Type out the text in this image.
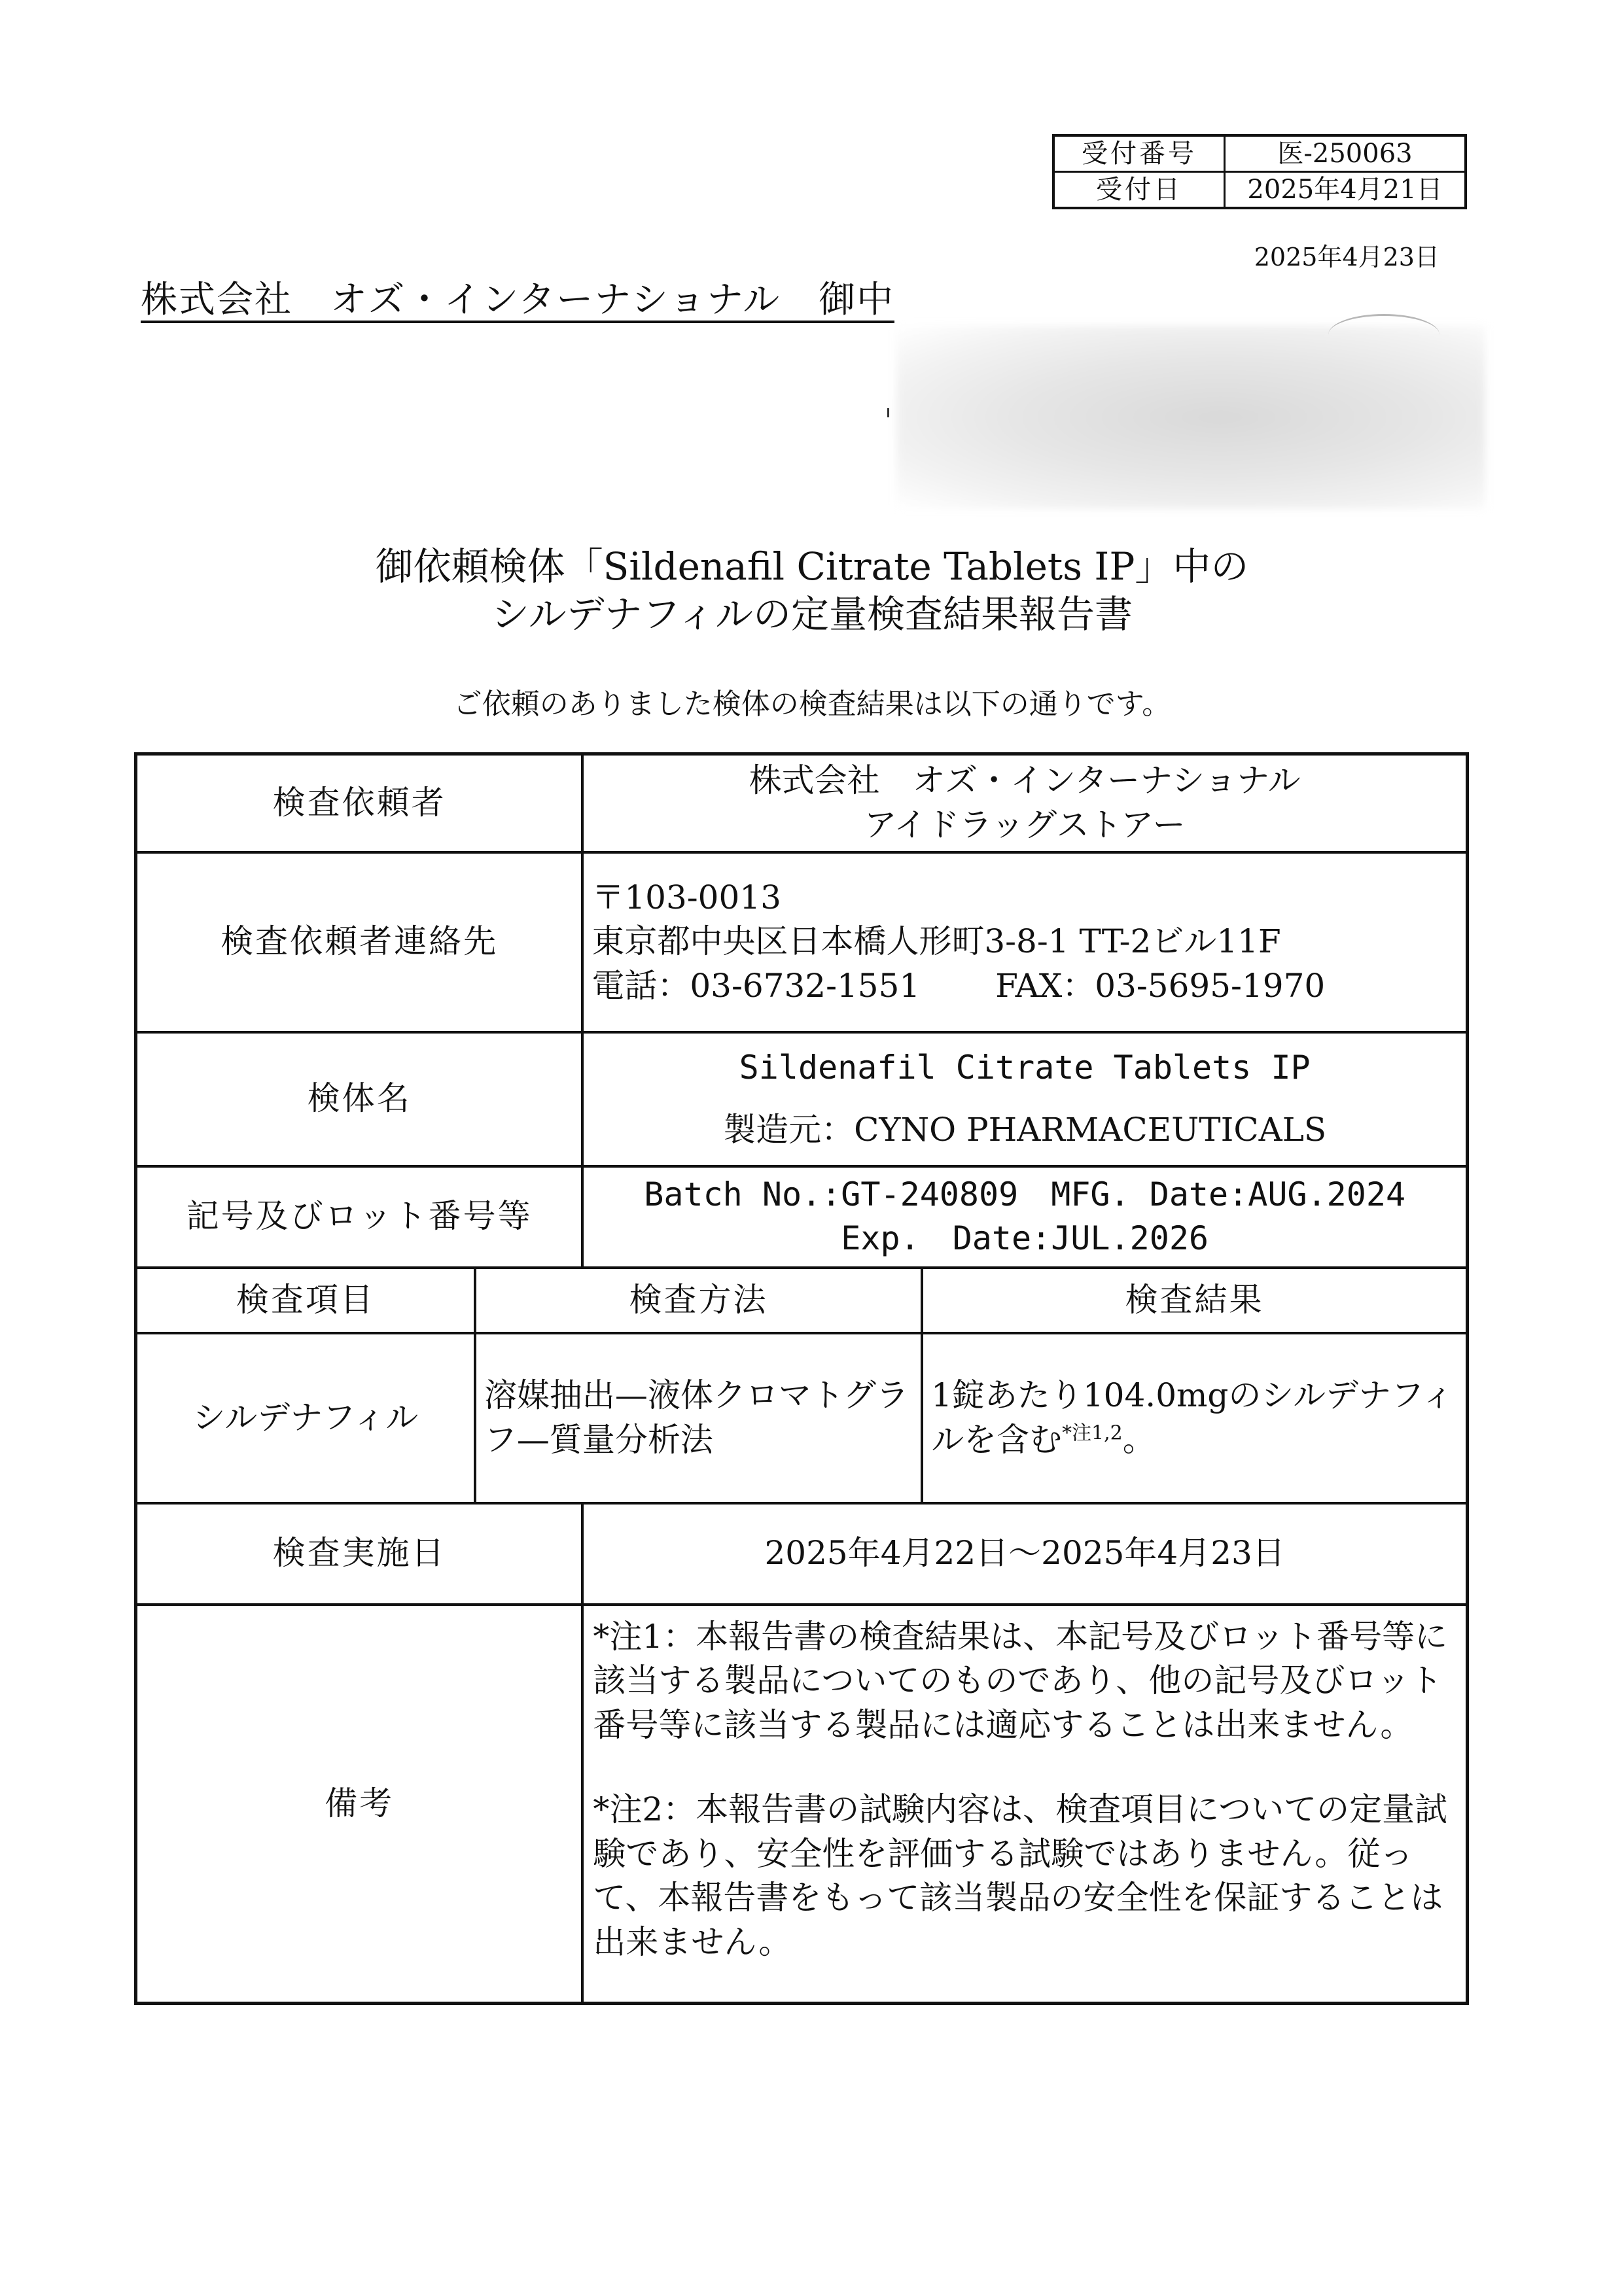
受付番号	医-250063
受付日	2025年4月21日
2025年4月23日
株式会社　オズ・インターナショナル　御中
御依頼検体「Sildenafil Citrate Tablets IP」中の
シルデナフィルの定量検査結果報告書
ご依頼のありました検体の検査結果は以下の通りです。
検査依頼者		株式会社　オズ・インターナショナル
アイドラッグストアー	

検査依頼者連絡先		〒103-0013
東京都中央区日本橋人形町3-8-1 TT-2ビル11F
電話：03-6732-1551 FAX：03-5695-1970	

検体名		Sildenafil Citrate Tablets IP
製造元：CYNO PHARMACEUTICALS	

記号及びロット番号等		Batch No.:GT-240809　MFG. Date:AUG.2024
Exp.　Date:JUL.2026	

検査項目	検査方法		検査結果
シルデナフィル	溶媒抽出—液体クロマトグラフ—質量分析法		1錠あたり104.0mgのシルデナフィルを含む$^{*注1,2}$。
検査実施日		2025年4月22日～2025年4月23日	
備考		*注1：本報告書の検査結果は、本記号及びロット番号等に該当する製品についてのものであり、他の記号及びロット番号等に該当する製品には適応することは出来ません。

*注2：本報告書の試験内容は、検査項目についての定量試験であり、安全性を評価する試験ではありません。従って、本報告書をもって該当製品の安全性を保証することは出来ません。	
